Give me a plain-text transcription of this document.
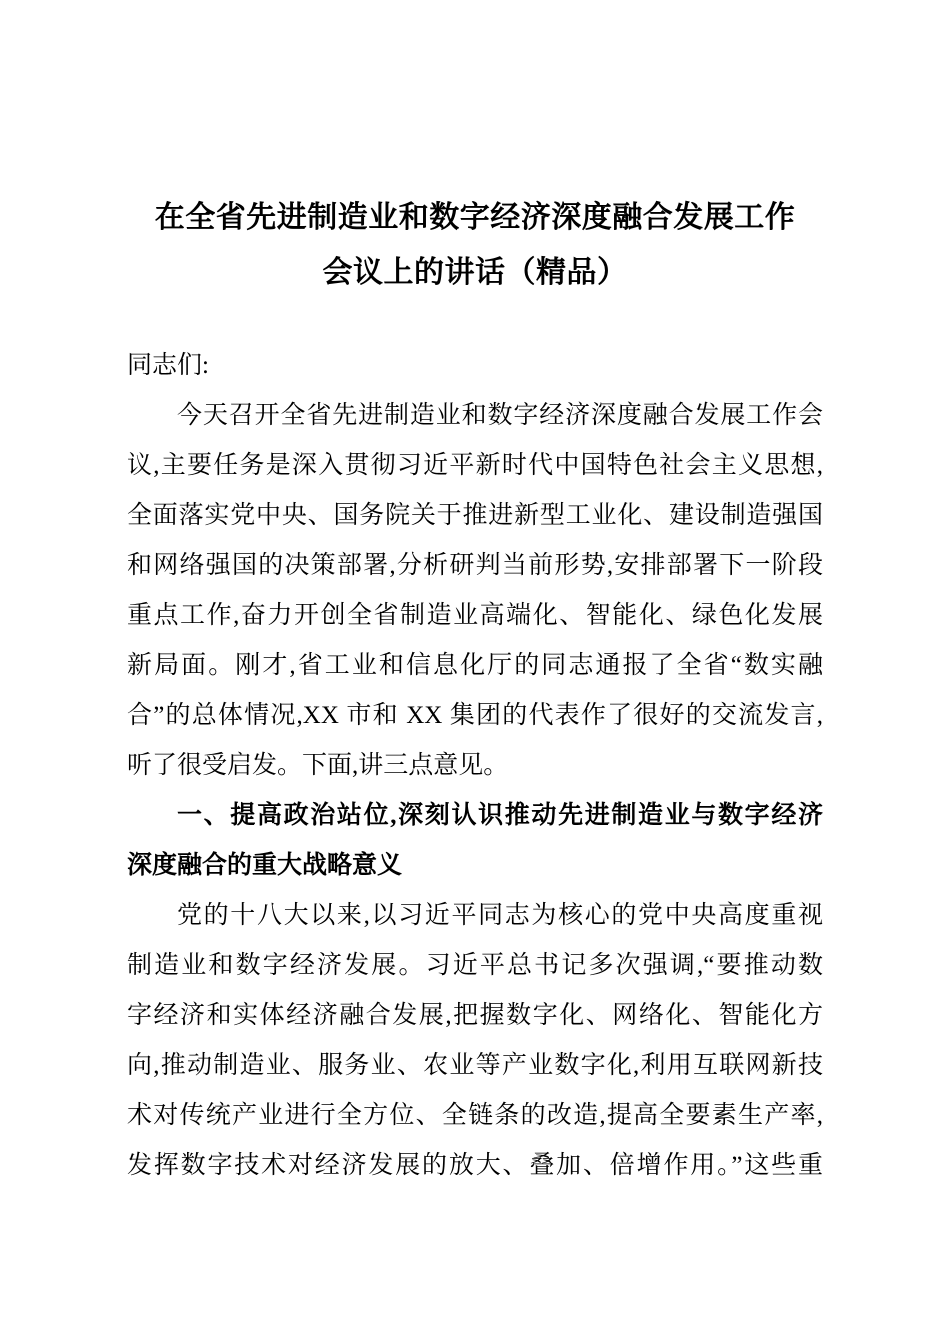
在全省先进制造业和数字经济深度融合发展工作
会议上的讲话（精品）
同志们:
今天召开全省先进制造业和数字经济深度融合发展工作会
议,主要任务是深入贯彻习近平新时代中国特色社会主义思想,
全面落实党中央、国务院关于推进新型工业化、建设制造强国
和网络强国的决策部署,分析研判当前形势,安排部署下一阶段
重点工作,奋力开创全省制造业高端化、智能化、绿色化发展
新局面。刚才,省工业和信息化厅的同志通报了全省“数实融
合”的总体情况,XX 市和 XX 集团的代表作了很好的交流发言,
听了很受启发。下面,讲三点意见。
一、提高政治站位,深刻认识推动先进制造业与数字经济
深度融合的重大战略意义
党的十八大以来,以习近平同志为核心的党中央高度重视
制造业和数字经济发展。习近平总书记多次强调,“要推动数
字经济和实体经济融合发展,把握数字化、网络化、智能化方
向,推动制造业、服务业、农业等产业数字化,利用互联网新技
术对传统产业进行全方位、全链条的改造,提高全要素生产率,
发挥数字技术对经济发展的放大、叠加、倍增作用。”这些重
